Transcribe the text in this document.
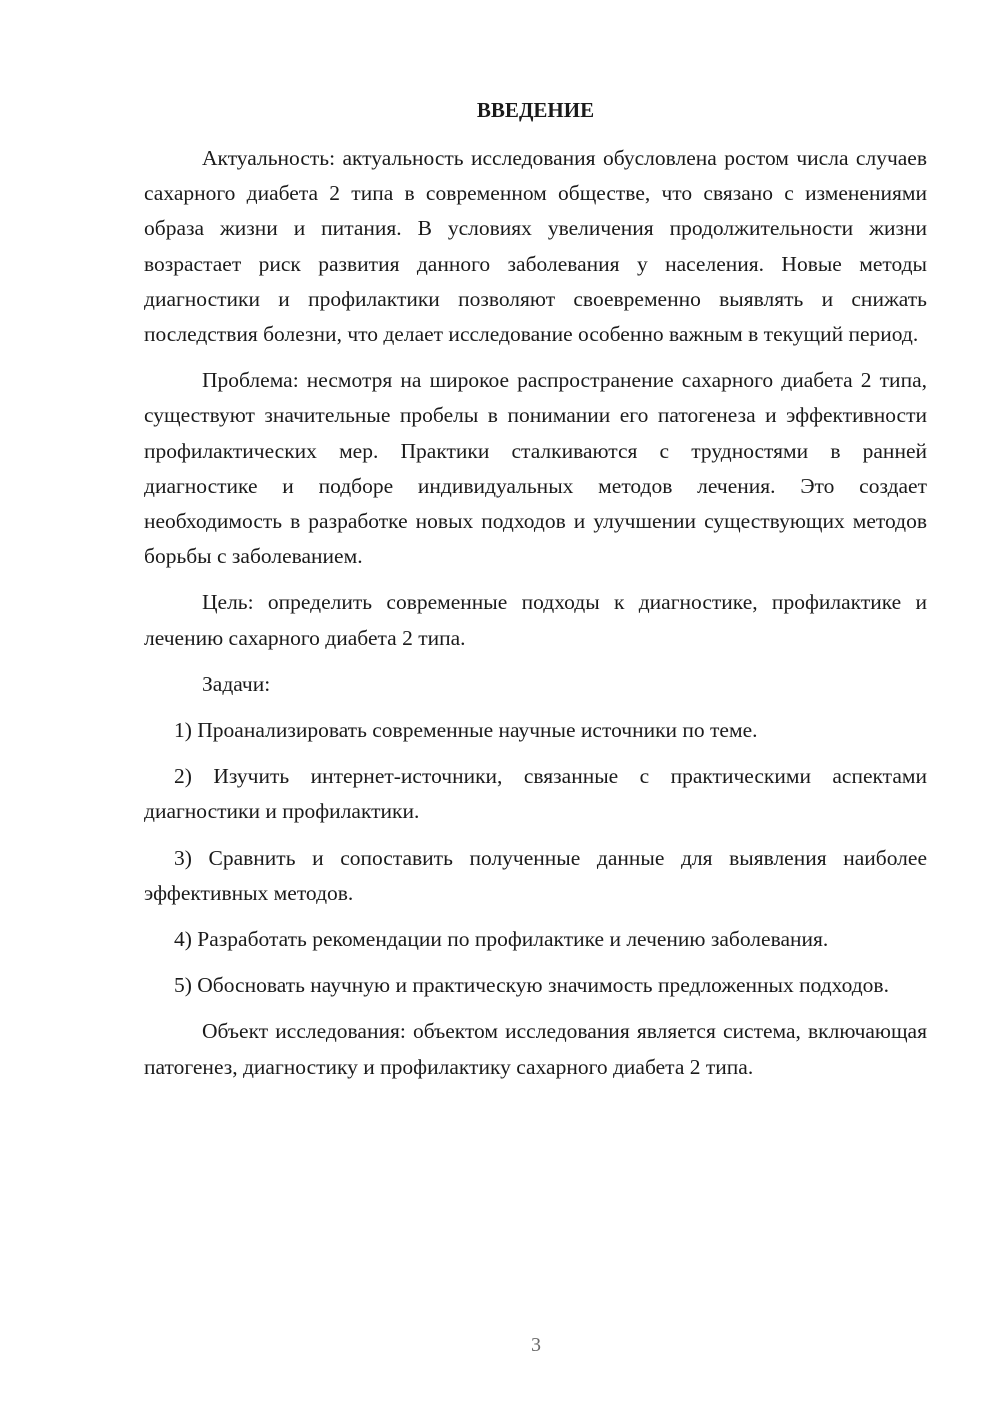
ВВЕДЕНИЕ

Актуальность: актуальность исследования обусловлена ростом числа случаев сахарного диабета 2 типа в современном обществе, что связано с изменениями образа жизни и питания. В условиях увеличения продолжительности жизни возрастает риск развития данного заболевания у населения. Новые методы диагностики и профилактики позволяют своевременно выявлять и снижать последствия болезни, что делает исследование особенно важным в текущий период.

Проблема: несмотря на широкое распространение сахарного диабета 2 типа, существуют значительные пробелы в понимании его патогенеза и эффективности профилактических мер. Практики сталкиваются с трудностями в ранней диагностике и подборе индивидуальных методов лечения. Это создает необходимость в разработке новых подходов и улучшении существующих методов борьбы с заболеванием.

Цель: определить современные подходы к диагностике, профилактике и лечению сахарного диабета 2 типа.

Задачи:

1) Проанализировать современные научные источники по теме.

2) Изучить интернет-источники, связанные с практическими аспектами диагностики и профилактики.

3) Сравнить и сопоставить полученные данные для выявления наиболее эффективных методов.

4) Разработать рекомендации по профилактике и лечению заболевания.

5) Обосновать научную и практическую значимость предложенных подходов.

Объект исследования: объектом исследования является система, включающая патогенез, диагностику и профилактику сахарного диабета 2 типа.

3
